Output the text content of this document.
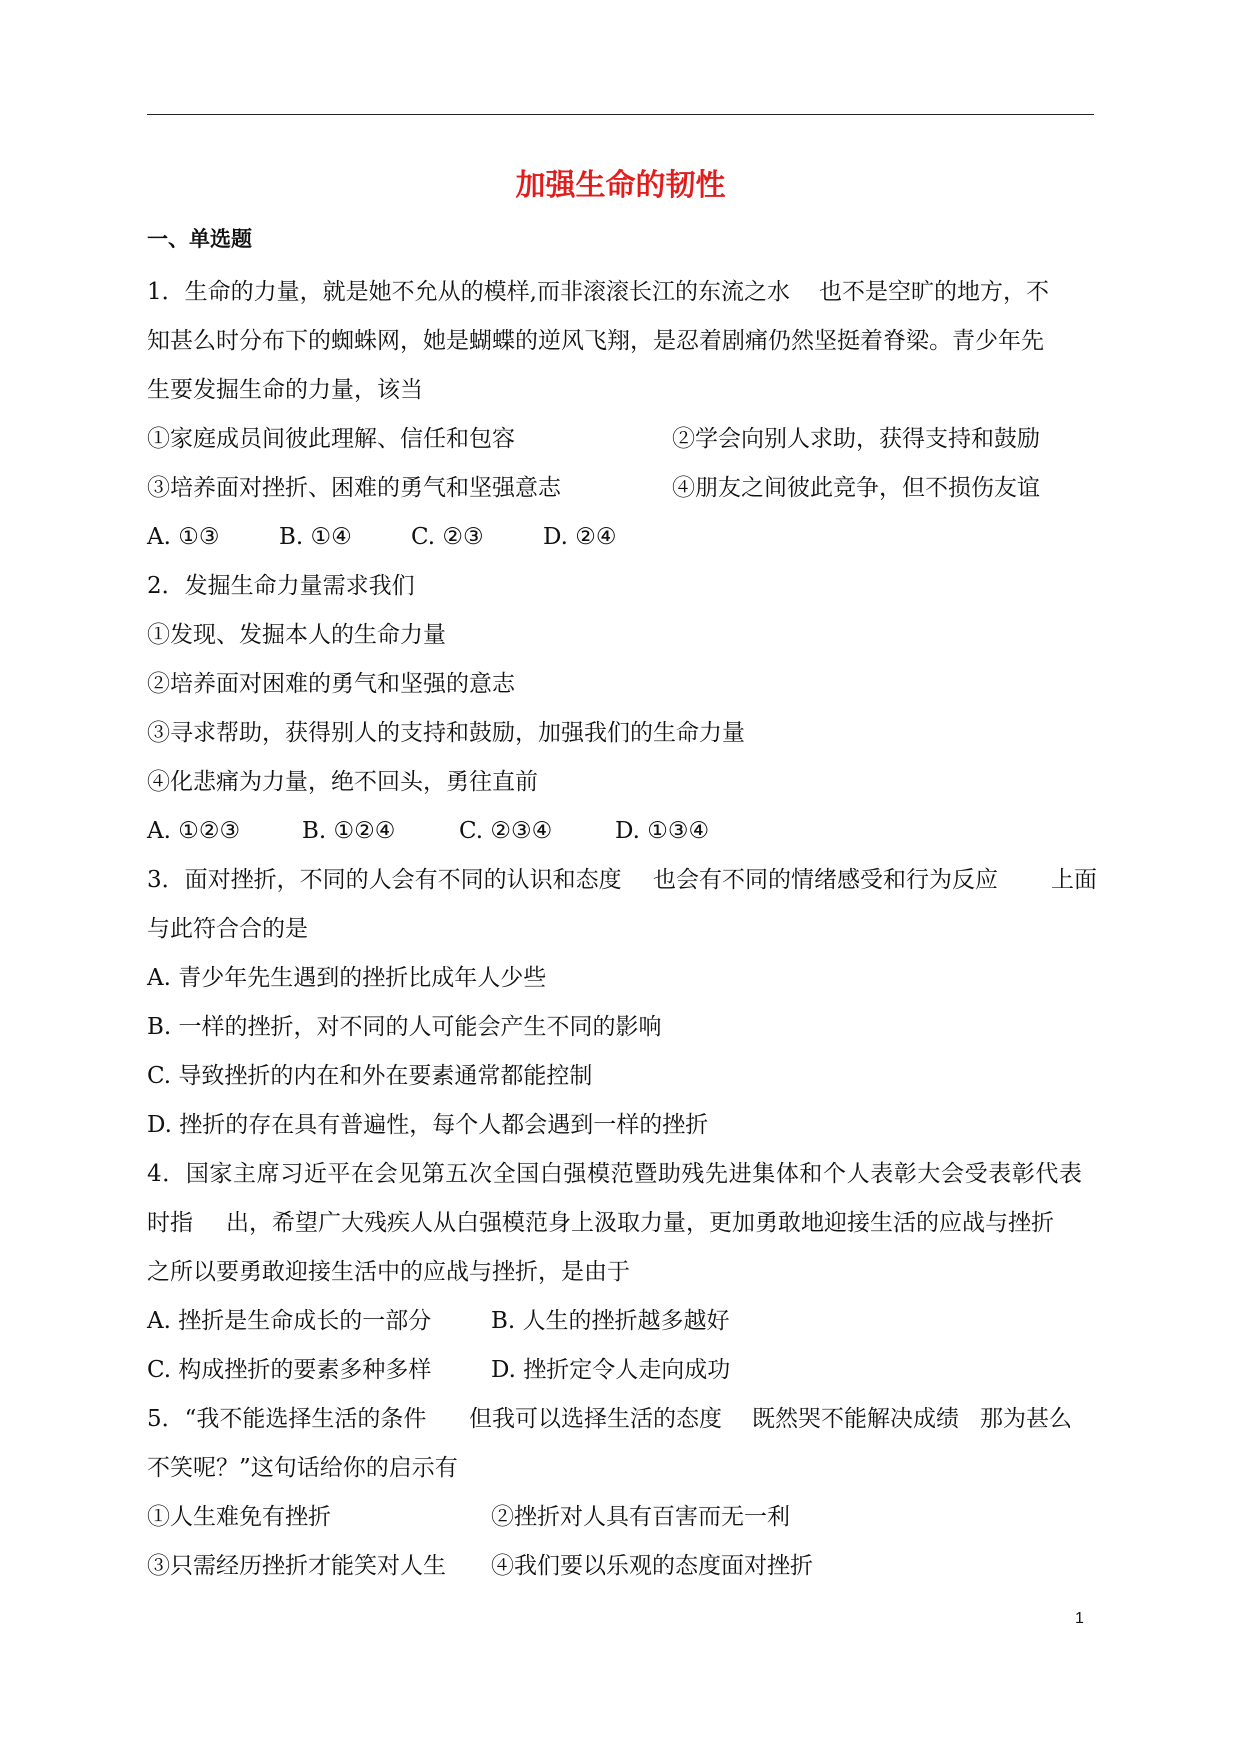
加强生命的韧性
一、单选题
1．生命的力量，就是她不允从的模样,而非滚滚长江的东流之水 也不是空旷的地方，不
知甚么时分布下的蜘蛛网，她是蝴蝶的逆风飞翔，是忍着剧痛仍然坚挺着脊梁。青少年先
生要发掘生命的力量，该当
①家庭成员间彼此理解、信任和包容	②学会向别人求助，获得支持和鼓励
③培养面对挫折、困难的勇气和坚强意志	④朋友之间彼此竞争，但不损伤友谊
A. ①③	B. ①④	C. ②③	D. ②④
2．发掘生命力量需求我们
①发现、发掘本人的生命力量
②培养面对困难的勇气和坚强的意志
③寻求帮助，获得别人的支持和鼓励，加强我们的生命力量
④化悲痛为力量，绝不回头，勇往直前
A. ①②③	B. ①②④	C. ②③④	D. ①③④
3．面对挫折，不同的人会有不同的认识和态度 也会有不同的情绪感受和行为反应 上面
与此符合合的是
A. 青少年先生遇到的挫折比成年人少些
B. 一样的挫折，对不同的人可能会产生不同的影响
C. 导致挫折的内在和外在要素通常都能控制
D. 挫折的存在具有普遍性，每个人都会遇到一样的挫折
4．国家主席习近平在会见第五次全国白强模范暨助残先进集体和个人表彰大会受表彰代表
时指 出，希望广大残疾人从白强模范身上汲取力量，更加勇敢地迎接生活的应战与挫折
之所以要勇敢迎接生活中的应战与挫折，是由于
A. 挫折是生命成长的一部分	B. 人生的挫折越多越好
C. 构成挫折的要素多种多样	D. 挫折定令人走向成功
5．“我不能选择生活的条件 但我可以选择生活的态度 既然哭不能解决成绩 那为甚么
不笑呢？”这句话给你的启示有
①人生难免有挫折	②挫折对人具有百害而无一利
③只需经历挫折才能笑对人生 ④我们要以乐观的态度面对挫折
1
